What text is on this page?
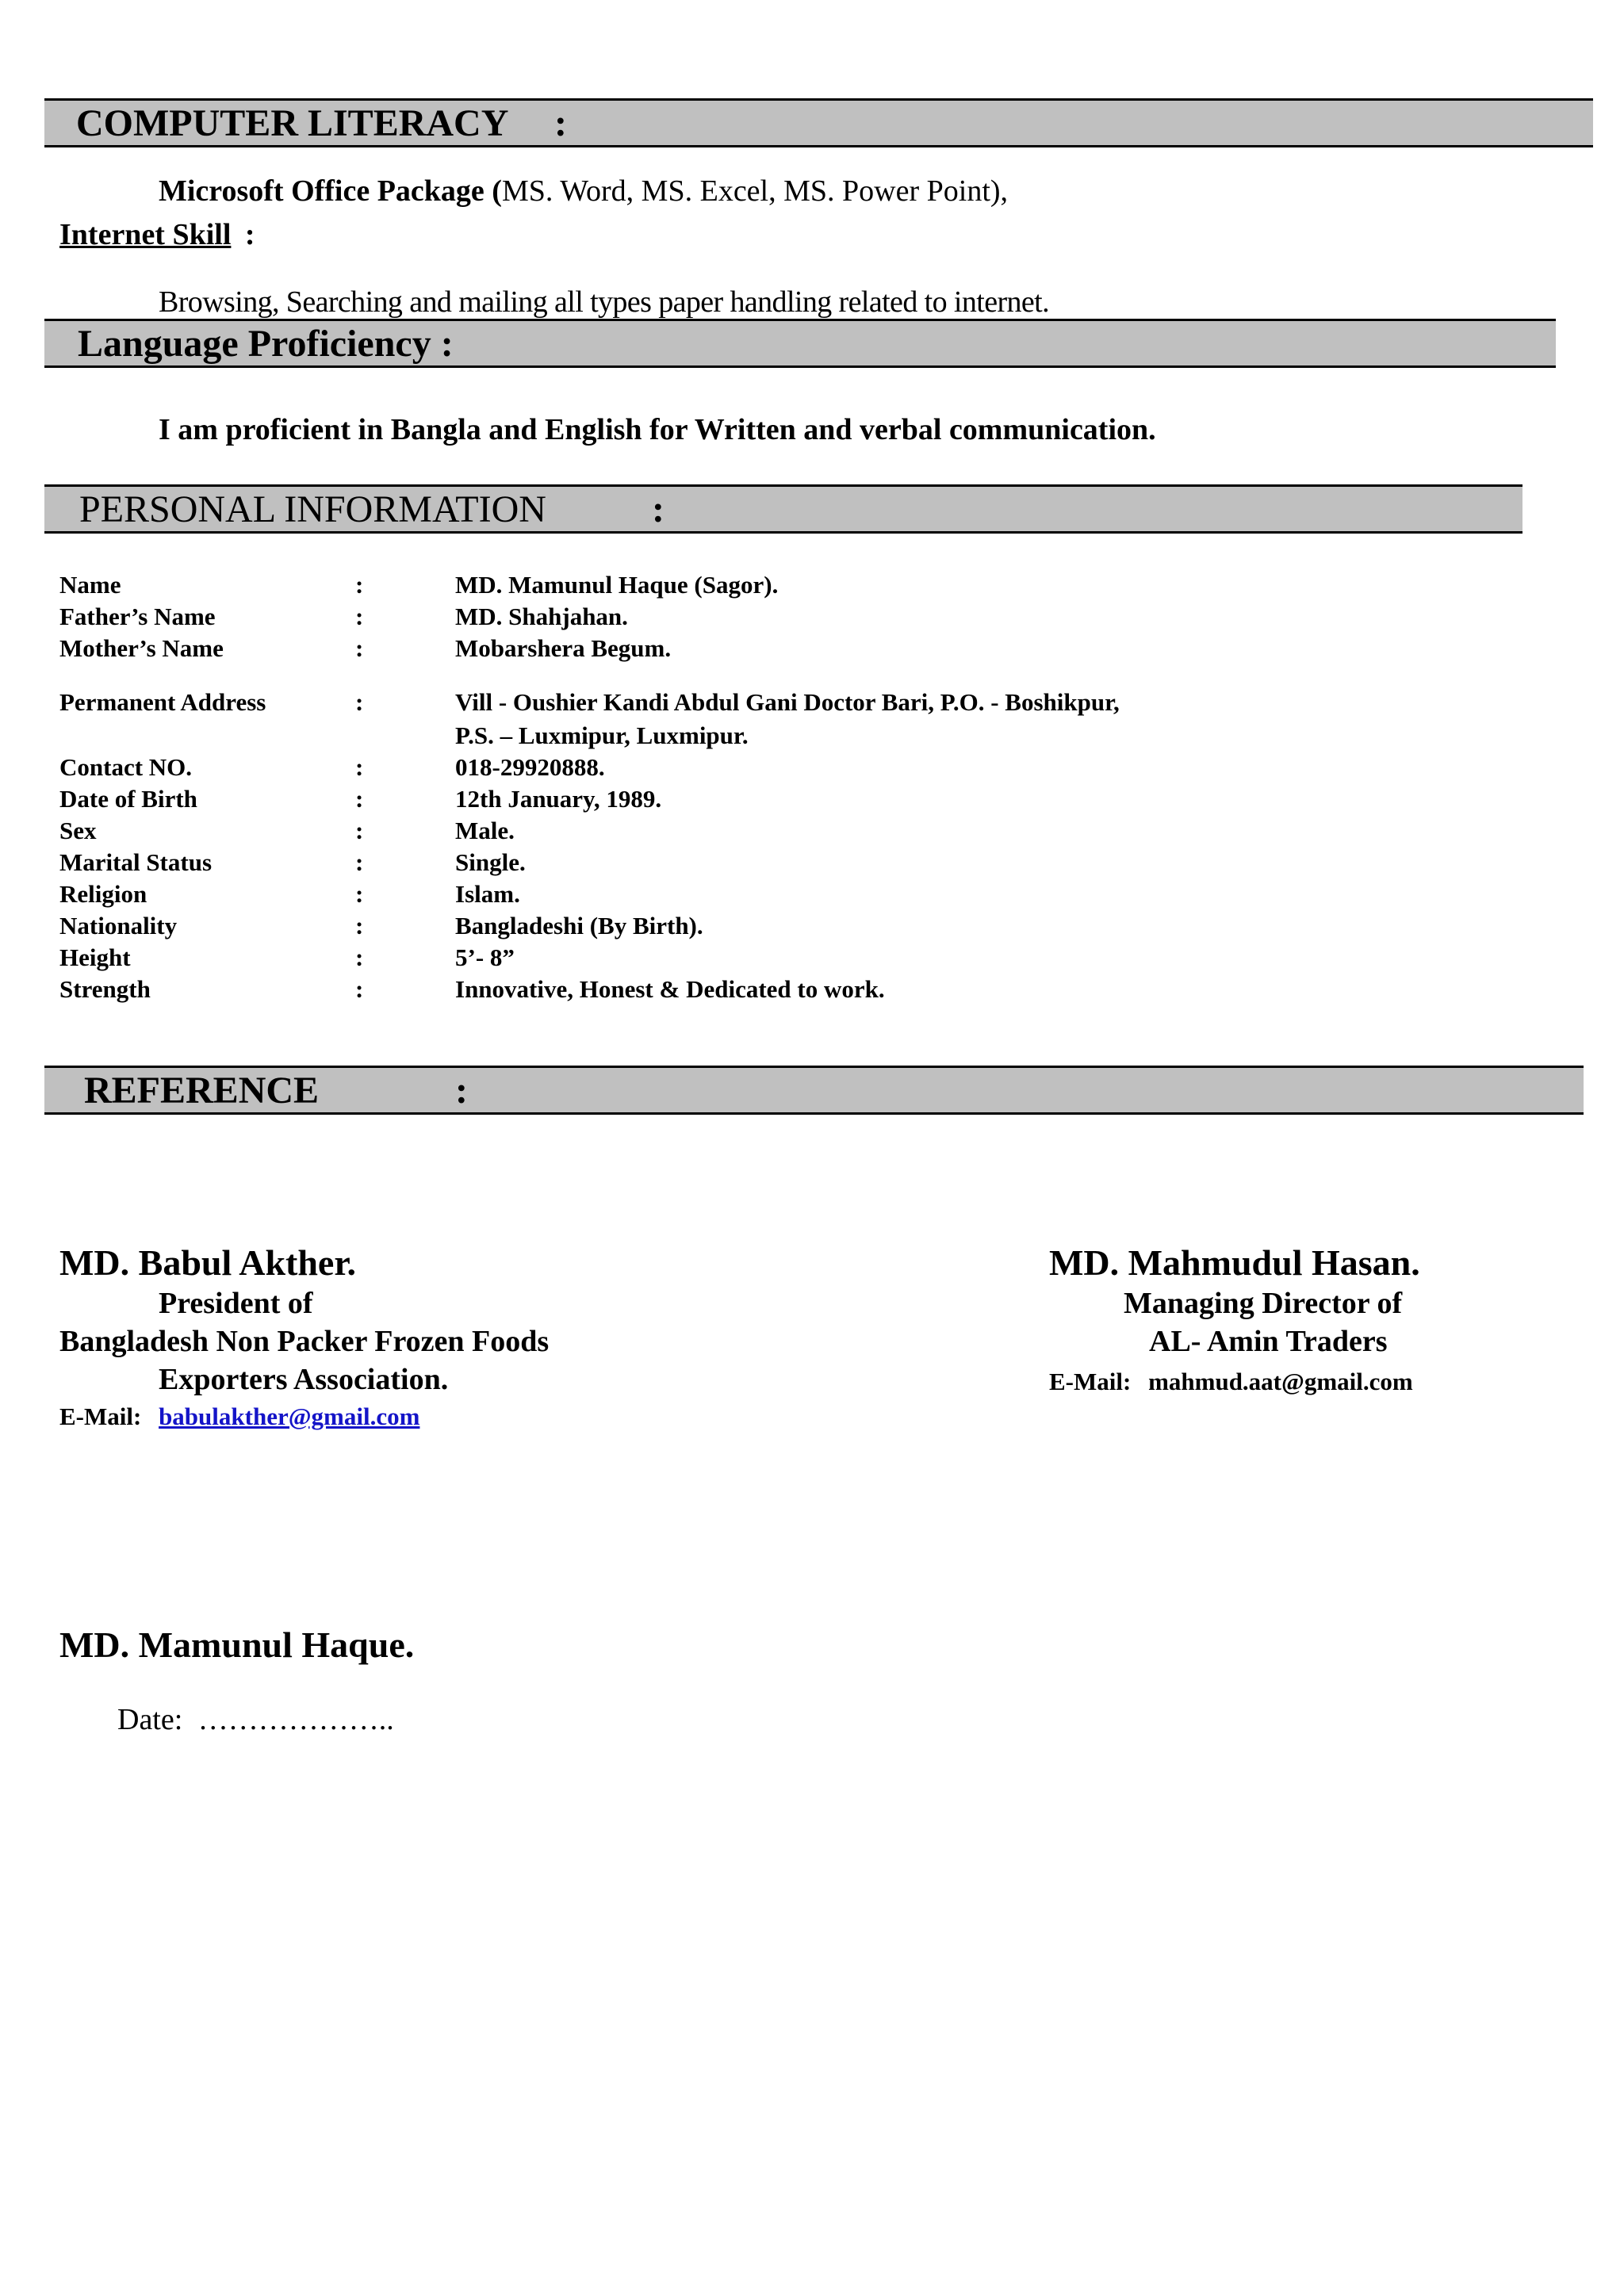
COMPUTER LITERACY :
Microsoft Office Package (MS. Word, MS. Excel, MS. Power Point),
Internet Skill :
Browsing, Searching and mailing all types paper handling related to internet.
Language Proficiency :
I am proficient in Bangla and English for Written and verbal communication.
PERSONAL INFORMATION	:
Name	:	MD. Mamunul Haque (Sagor).
Father’s Name	:	MD. Shahjahan.
Mother’s Name	:	Mobarshera Begum.
Permanent Address	:	Vill - Oushier Kandi Abdul Gani Doctor Bari, P.O. - Boshikpur,
P.S. – Luxmipur, Luxmipur.
Contact NO.	:	018-29920888.
Date of Birth	:	12th January, 1989.
Sex	:	Male.
Marital Status	:	Single.
Religion	:	Islam.
Nationality	:	Bangladeshi (By Birth).
Height	:	5’- 8”
Strength	:	Innovative, Honest & Dedicated to work.
REFERENCE	:
MD. Babul Akther.
President of
Bangladesh Non Packer Frozen Foods
Exporters Association.
E-Mail: babulakther@gmail.com
MD. Mahmudul Hasan.
Managing Director of
AL- Amin Traders
E-Mail: mahmud.aat@gmail.com
MD. Mamunul Haque.
Date: ………………..
